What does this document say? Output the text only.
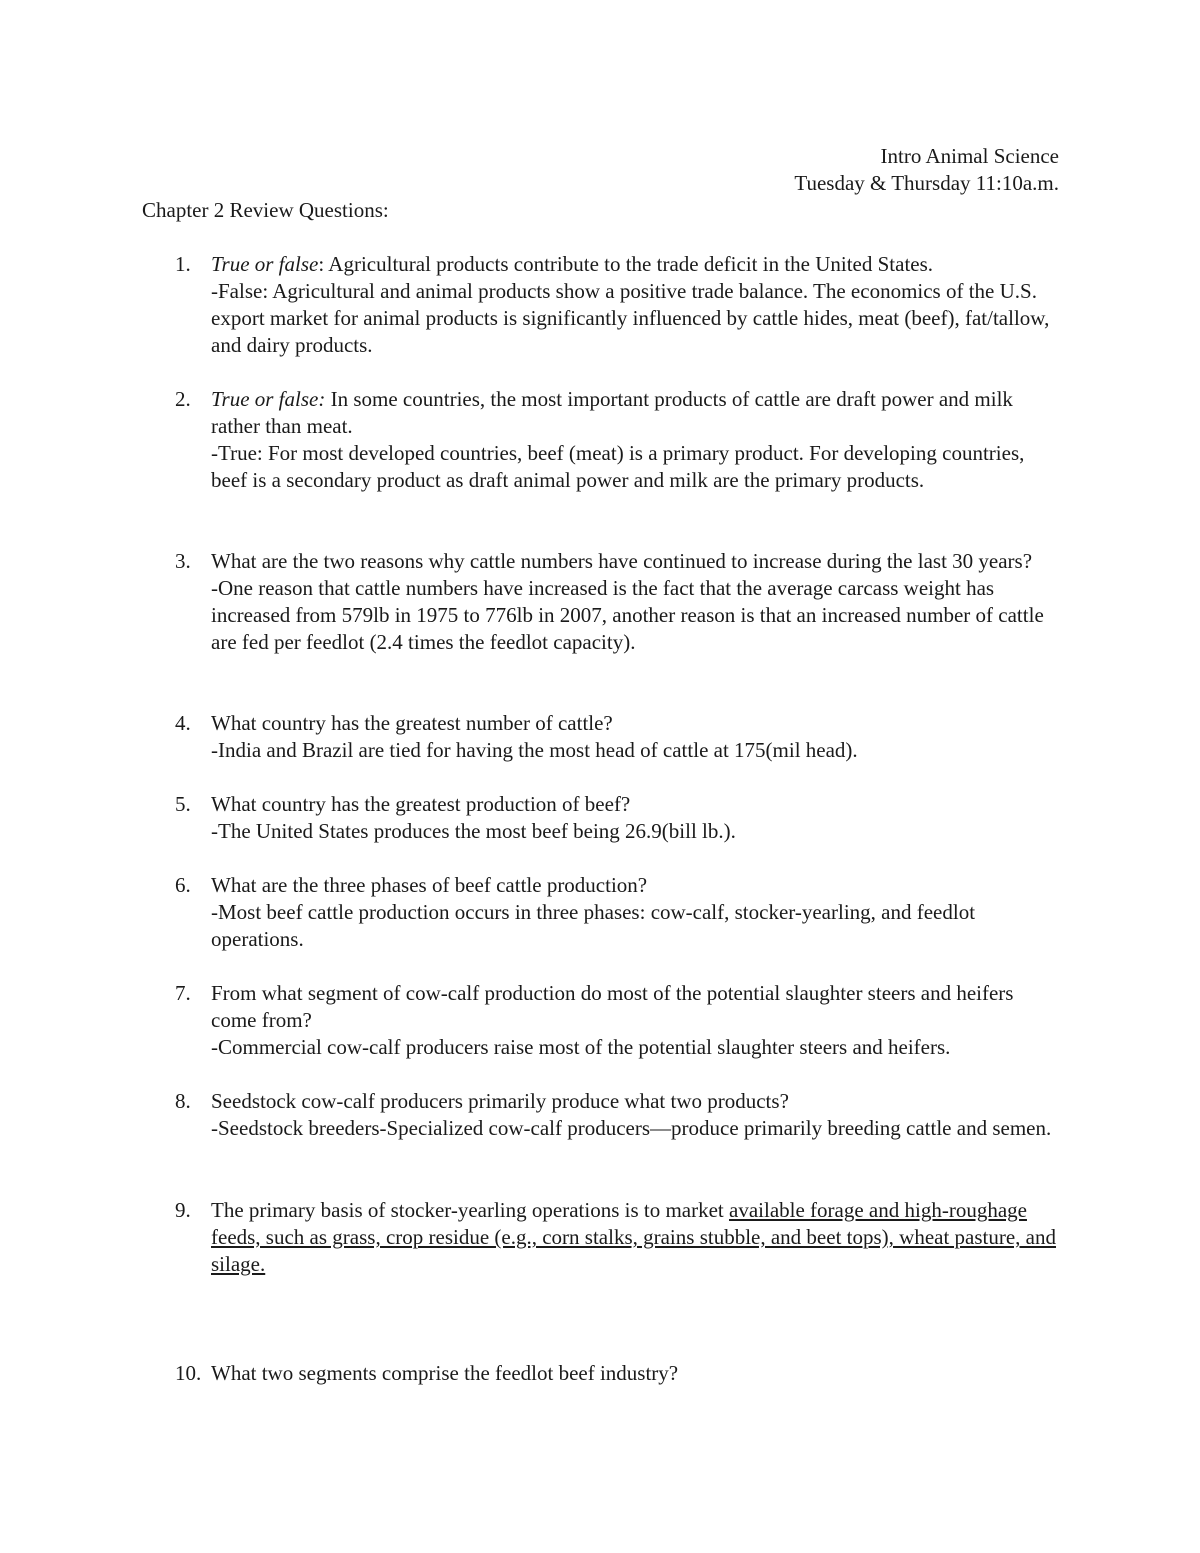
Intro Animal Science
Tuesday & Thursday 11:10a.m.
Chapter 2 Review Questions:
1. True or false: Agricultural products contribute to the trade deficit in the United States.
-False: Agricultural and animal products show a positive trade balance. The economics of the U.S. export market for animal products is significantly influenced by cattle hides, meat (beef), fat/tallow, and dairy products.
2. True or false: In some countries, the most important products of cattle are draft power and milk rather than meat.
-True: For most developed countries, beef (meat) is a primary product. For developing countries, beef is a secondary product as draft animal power and milk are the primary products.
3. What are the two reasons why cattle numbers have continued to increase during the last 30 years?
-One reason that cattle numbers have increased is the fact that the average carcass weight has increased from 579lb in 1975 to 776lb in 2007, another reason is that an increased number of cattle are fed per feedlot (2.4 times the feedlot capacity).
4. What country has the greatest number of cattle?
-India and Brazil are tied for having the most head of cattle at 175(mil head).
5. What country has the greatest production of beef?
-The United States produces the most beef being 26.9(bill lb.).
6. What are the three phases of beef cattle production?
-Most beef cattle production occurs in three phases: cow-calf, stocker-yearling, and feedlot operations.
7. From what segment of cow-calf production do most of the potential slaughter steers and heifers come from?
-Commercial cow-calf producers raise most of the potential slaughter steers and heifers.
8. Seedstock cow-calf producers primarily produce what two products?
-Seedstock breeders-Specialized cow-calf producers—produce primarily breeding cattle and semen.
9. The primary basis of stocker-yearling operations is to market available forage and high-roughage feeds, such as grass, crop residue (e.g., corn stalks, grains stubble, and beet tops), wheat pasture, and silage.
10. What two segments comprise the feedlot beef industry?
